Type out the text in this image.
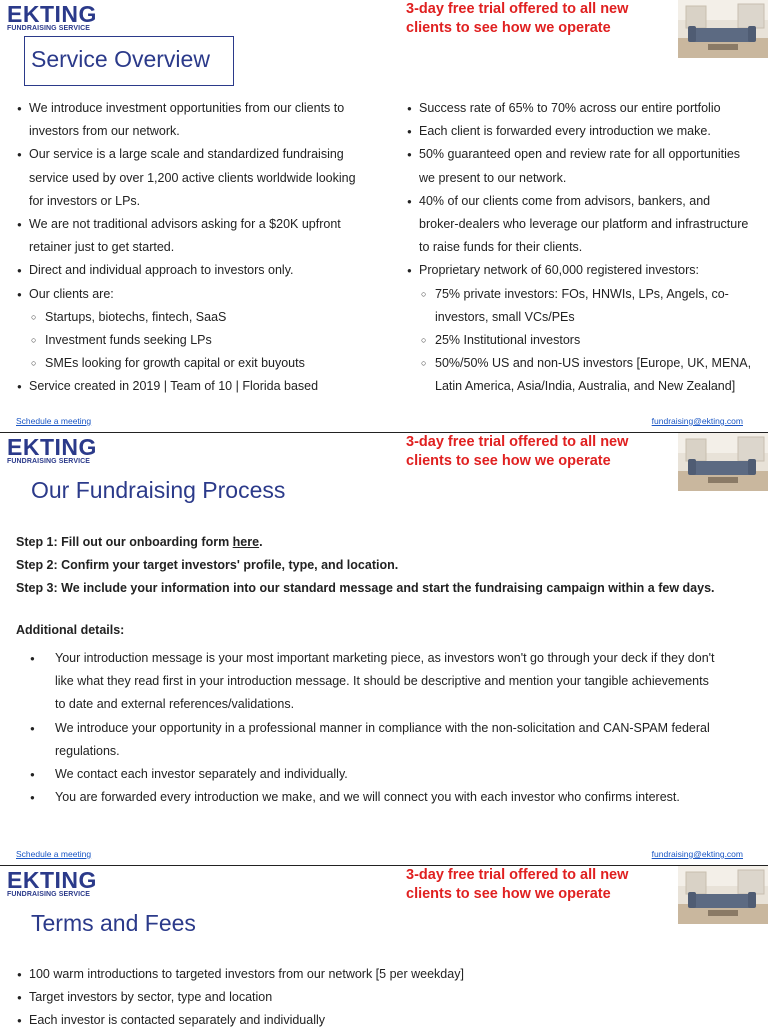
EKTING
FUNDRAISING SERVICE
3-day free trial offered to all new clients to see how we operate
Service Overview
● We introduce investment opportunities from our clients to investors from our network.
● Our service is a large scale and standardized fundraising service used by over 1,200 active clients worldwide looking for investors or LPs.
● We are not traditional advisors asking for a $20K upfront retainer just to get started.
● Direct and individual approach to investors only.
● Our clients are:
○ Startups, biotechs, fintech, SaaS
○ Investment funds seeking LPs
○ SMEs looking for growth capital or exit buyouts
● Service created in 2019 | Team of 10 | Florida based
● Success rate of 65% to 70% across our entire portfolio
● Each client is forwarded every introduction we make.
● 50% guaranteed open and review rate for all opportunities we present to our network.
● 40% of our clients come from advisors, bankers, and broker-dealers who leverage our platform and infrastructure to raise funds for their clients.
● Proprietary network of 60,000 registered investors:
○ 75% private investors: FOs, HNWIs, LPs, Angels, co-investors, small VCs/PEs
○ 25% Institutional investors
○ 50%/50% US and non-US investors [Europe, UK, MENA, Latin America, Asia/India, Australia, and New Zealand]
Schedule a meeting	fundraising@ekting.com
EKTING
FUNDRAISING SERVICE
3-day free trial offered to all new clients to see how we operate
Our Fundraising Process
Step 1: Fill out our onboarding form here.
Step 2: Confirm your target investors' profile, type, and location.
Step 3: We include your information into our standard message and start the fundraising campaign within a few days.
Additional details:
● Your introduction message is your most important marketing piece, as investors won't go through your deck if they don't like what they read first in your introduction message. It should be descriptive and mention your tangible achievements to date and external references/validations.
● We introduce your opportunity in a professional manner in compliance with the non-solicitation and CAN-SPAM federal regulations.
● We contact each investor separately and individually.
● You are forwarded every introduction we make, and we will connect you with each investor who confirms interest.
Schedule a meeting	fundraising@ekting.com
EKTING
FUNDRAISING SERVICE
3-day free trial offered to all new clients to see how we operate
Terms and Fees
● 100 warm introductions to targeted investors from our network [5 per weekday]
● Target investors by sector, type and location
● Each investor is contacted separately and individually
